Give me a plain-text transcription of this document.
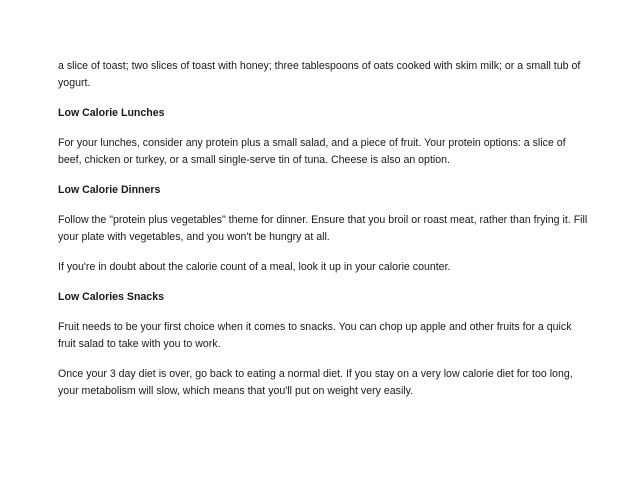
a slice of toast; two slices of toast with honey; three tablespoons of oats cooked with skim milk; or a small tub of yogurt.

Low Calorie Lunches

For your lunches, consider any protein plus a small salad, and a piece of fruit. Your protein options: a slice of beef, chicken or turkey, or a small single-serve tin of tuna. Cheese is also an option.

Low Calorie Dinners

Follow the "protein plus vegetables" theme for dinner. Ensure that you broil or roast meat, rather than frying it. Fill your plate with vegetables, and you won't be hungry at all.

If you're in doubt about the calorie count of a meal, look it up in your calorie counter.

Low Calories Snacks

Fruit needs to be your first choice when it comes to snacks. You can chop up apple and other fruits for a quick fruit salad to take with you to work.

Once your 3 day diet is over, go back to eating a normal diet. If you stay on a very low calorie diet for too long, your metabolism will slow, which means that you'll put on weight very easily.
